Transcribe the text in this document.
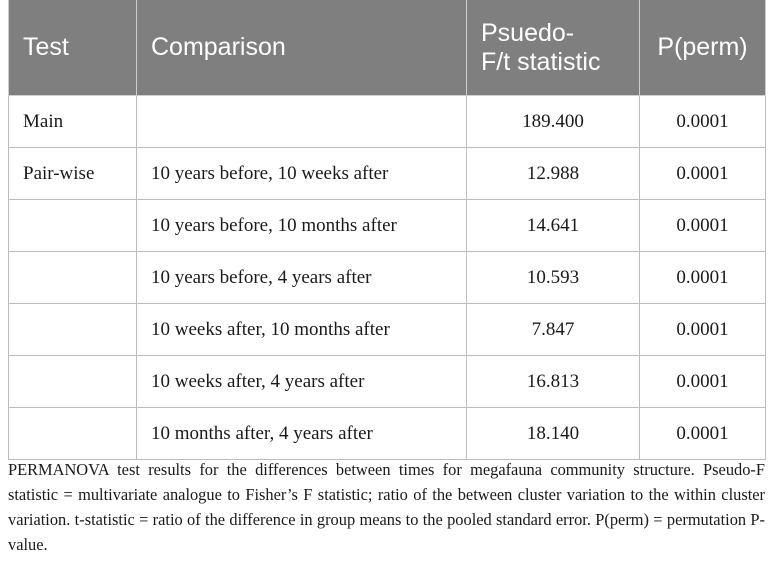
Test	Comparison	Psuedo-F/t statistic	P(perm)
Main		189.400	0.0001
Pair-wise	10 years before, 10 weeks after	12.988	0.0001
	10 years before, 10 months after	14.641	0.0001
	10 years before, 4 years after	10.593	0.0001
	10 weeks after, 10 months after	7.847	0.0001
	10 weeks after, 4 years after	16.813	0.0001
	10 months after, 4 years after	18.140	0.0001

PERMANOVA test results for the differences between times for megafauna community structure. Pseudo-F statistic = multivariate analogue to Fisher’s F statistic; ratio of the between cluster variation to the within cluster variation. t-statistic = ratio of the difference in group means to the pooled standard error. P(perm) = permutation P-value.
